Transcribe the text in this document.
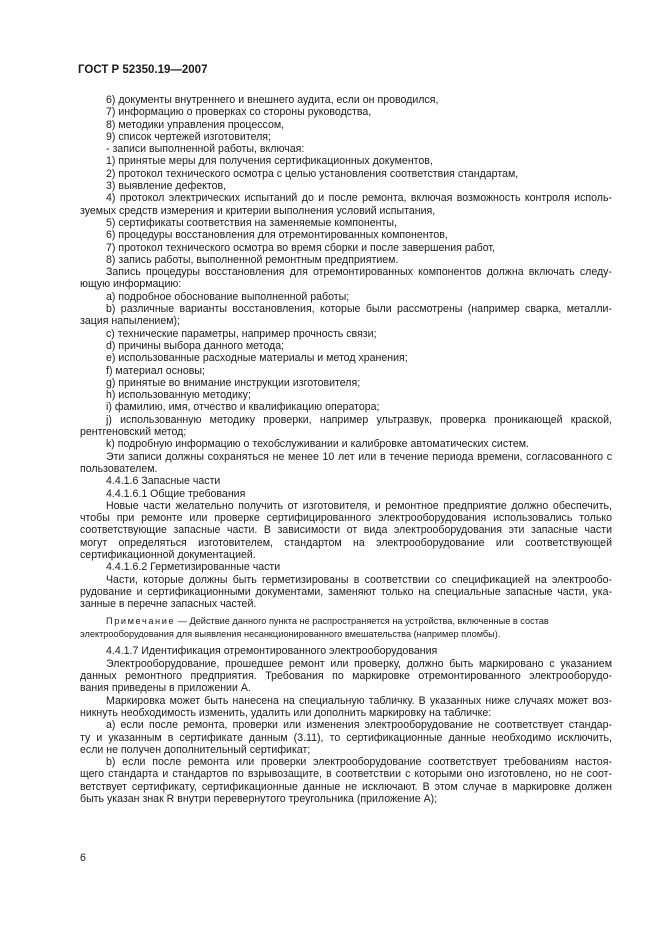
ГОСТ Р 52350.19—2007
6) документы внутреннего и внешнего аудита, если он проводился,
7) информацию о проверках со стороны руководства,
8) методики управления процессом,
9) список чертежей изготовителя;
- записи выполненной работы, включая:
1) принятые меры для получения сертификационных документов,
2) протокол технического осмотра с целью установления соответствия стандартам,
3) выявление дефектов,
4) протокол электрических испытаний до и после ремонта, включая возможность контроля исполь-
зуемых средств измерения и критерии выполнения условий испытания,
5) сертификаты соответствия на заменяемые компоненты,
6) процедуры восстановления для отремонтированных компонентов,
7) протокол технического осмотра во время сборки и после завершения работ,
8) запись работы, выполненной ремонтным предприятием.
Запись процедуры восстановления для отремонтированных компонентов должна включать следу-
ющую информацию:
a) подробное обоснование выполненной работы;
b) различные варианты восстановления, которые были рассмотрены (например сварка, металли-
зация напылением);
c) технические параметры, например прочность связи;
d) причины выбора данного метода;
e) использованные расходные материалы и метод хранения;
f) материал основы;
g) принятые во внимание инструкции изготовителя;
h) использованную методику;
i) фамилию, имя, отчество и квалификацию оператора;
j) использованную методику проверки, например ультразвук, проверка проникающей краской,
рентгеновский метод;
k) подробную информацию о техобслуживании и калибровке автоматических систем.
Эти записи должны сохраняться не менее 10 лет или в течение периода времени, согласованного с
пользователем.
4.4.1.6 Запасные части
4.4.1.6.1 Общие требования
Новые части желательно получить от изготовителя, и ремонтное предприятие должно обеспечить,
чтобы при ремонте или проверке сертифицированного электрооборудования использовались только
соответствующие запасные части. В зависимости от вида электрооборудования эти запасные части
могут определяться изготовителем, стандартом на электрооборудование или соответствующей
сертификационной документацией.
4.4.1.6.2 Герметизированные части
Части, которые должны быть герметизированы в соответствии со спецификацией на электрообо-
рудование и сертификационными документами, заменяют только на специальные запасные части, ука-
занные в перечне запасных частей.
Примечание — Действие данного пункта не распространяется на устройства, включенные в состав
электрооборудования для выявления несанкционированного вмешательства (например пломбы).
4.4.1.7 Идентификация отремонтированного электрооборудования
Электрооборудование, прошедшее ремонт или проверку, должно быть маркировано с указанием
данных ремонтного предприятия. Требования по маркировке отремонтированного электрооборудо-
вания приведены в приложении А.
Маркировка может быть нанесена на специальную табличку. В указанных ниже случаях может воз-
никнуть необходимость изменить, удалить или дополнить маркировку на табличке:
a) если после ремонта, проверки или изменения электрооборудование не соответствует стандар-
ту и указанным в сертификате данным (3.11), то сертификационные данные необходимо исключить,
если не получен дополнительный сертификат;
b) если после ремонта или проверки электрооборудование соответствует требованиям настоя-
щего стандарта и стандартов по взрывозащите, в соответствии с которыми оно изготовлено, но не соот-
ветствует сертификату, сертификационные данные не исключают. В этом случае в маркировке должен
быть указан знак R внутри перевернутого треугольника (приложение А);
6
